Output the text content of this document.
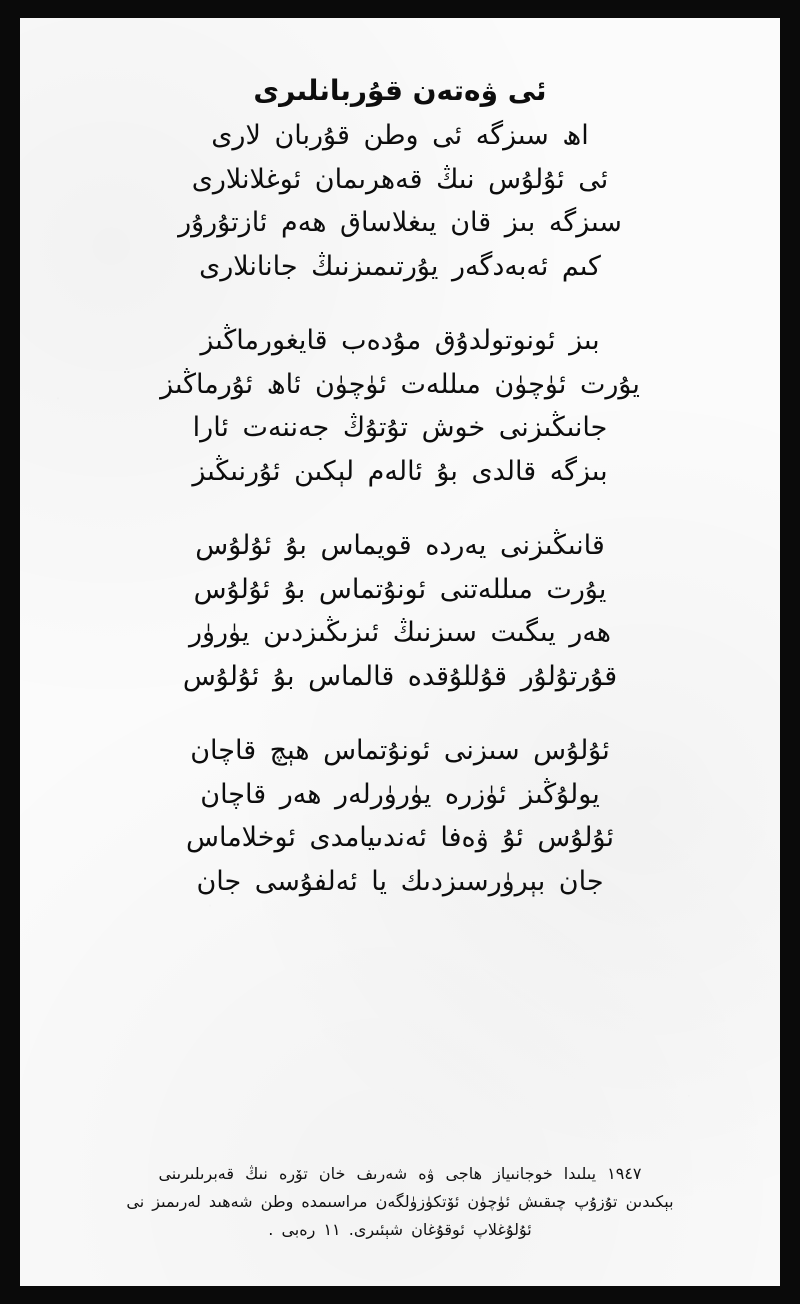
ئى ۋەتەن قۇربانلىرى
اھ سىزگە ئى وطن قۇربان لارى
ئى ئۇلۇس نىڭ قەھرىمان ئوغلانلارى
سىزگە بىز قان يىغلاساق ھەم ئازتۇرۇر
كىم ئەبەدگەر يۇرتىمىزنىڭ جانانلارى
بىز ئونوتولدۇق مۇدەب قايغورماڭىز
يۇرت ئۈچۈن مىللەت ئۈچۈن ئاھ ئۇرماڭىز
جانىڭىزنى خوش تۇتۇڭ جەننەت ئارا
بىزگە قالدى بۇ ئالەم لېكىن ئۇرنىڭىز
قانىڭىزنى يەردە قويماس بۇ ئۇلۇس
يۇرت مىللەتنى ئونۇتماس بۇ ئۇلۇس
ھەر يىگىت سىزنىڭ ئىزىڭىزدىن يۈرۈر
قۇرتۇلۇر قۇللۇقدە قالماس بۇ ئۇلۇس
ئۇلۇس سىزنى ئونۇتماس ھېچ قاچان
يولۇڭىز ئۈزرە يۈرۈرلەر ھەر قاچان
ئۇلۇس ئۇ ۋەفا ئەندىيامدى ئوخلاماس
جان بېرۈرسىزدىك يا ئەلفۇسى جان
١٩٤٧ يىلىدا خوجانىياز ھاجى ۋە شەرىف خان تۆرە نىڭ قەبرىلىرىنى
بېكىدىن تۇزۇپ چىقىش ئۈچۈن ئۆتكۈزۈلگەن مراسىمدە وطن شەھىد لەرىمىز نى
ئۇلۇغلاپ ئوقۇغان شېئىرى. ١١ رەبى .
